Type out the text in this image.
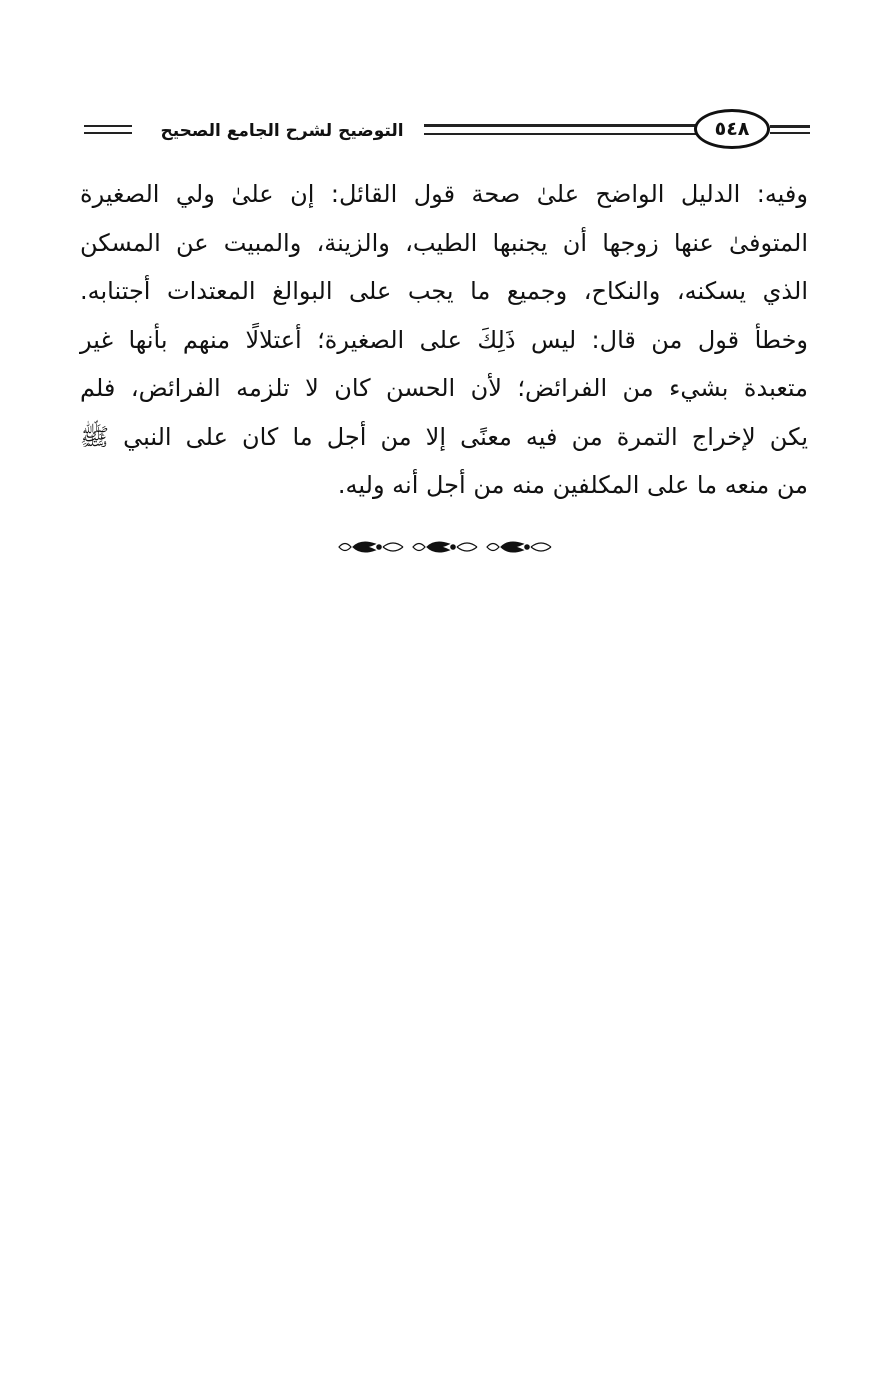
التوضيح لشرح الجامع الصحيح	٥٤٨
وفيه: الدليل الواضح علىٰ صحة قول القائل: إن علىٰ ولي الصغيرة
المتوفىٰ عنها زوجها أن يجنبها الطيب، والزينة، والمبيت عن المسكن
الذي يسكنه، والنكاح، وجميع ما يجب على البوالغ المعتدات أجتنابه.
وخطأ قول من قال: ليس ذَلِكَ على الصغيرة؛ أعتلالًا منهم بأنها غير
متعبدة بشيء من الفرائض؛ لأن الحسن كان لا تلزمه الفرائض، فلم
يكن لإخراج التمرة من فيه معنًى إلا من أجل ما كان على النبي ﷺ
من منعه ما على المكلفين منه من أجل أنه وليه.
